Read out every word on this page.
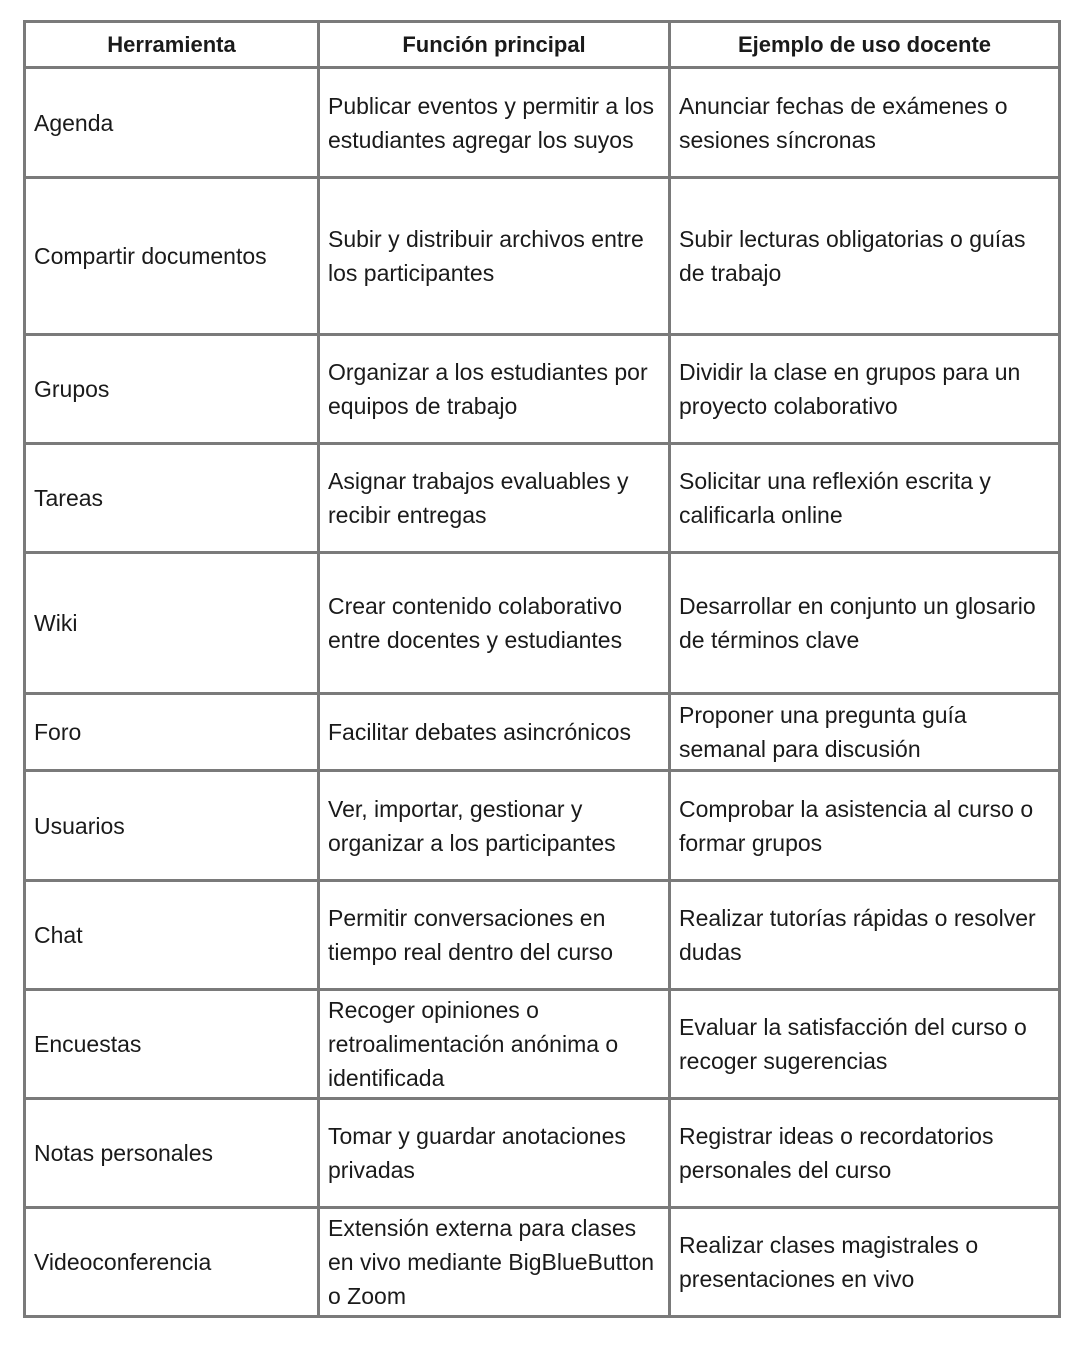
Herramienta	Función principal	Ejemplo de uso docente
Agenda	Publicar eventos y permitir a los estudiantes agregar los suyos	Anunciar fechas de exámenes o sesiones síncronas
Compartir documentos	Subir y distribuir archivos entre los participantes	Subir lecturas obligatorias o guías de trabajo
Grupos	Organizar a los estudiantes por equipos de trabajo	Dividir la clase en grupos para un proyecto colaborativo
Tareas	Asignar trabajos evaluables y recibir entregas	Solicitar una reflexión escrita y calificarla online
Wiki	Crear contenido colaborativo entre docentes y estudiantes	Desarrollar en conjunto un glosario de términos clave
Foro	Facilitar debates asincrónicos	Proponer una pregunta guía semanal para discusión
Usuarios	Ver, importar, gestionar y organizar a los participantes	Comprobar la asistencia al curso o formar grupos
Chat	Permitir conversaciones en tiempo real dentro del curso	Realizar tutorías rápidas o resolver dudas
Encuestas	Recoger opiniones o retroalimentación anónima o identificada	Evaluar la satisfacción del curso o recoger sugerencias
Notas personales	Tomar y guardar anotaciones privadas	Registrar ideas o recordatorios personales del curso
Videoconferencia	Extensión externa para clases en vivo mediante BigBlueButton o Zoom	Realizar clases magistrales o presentaciones en vivo
